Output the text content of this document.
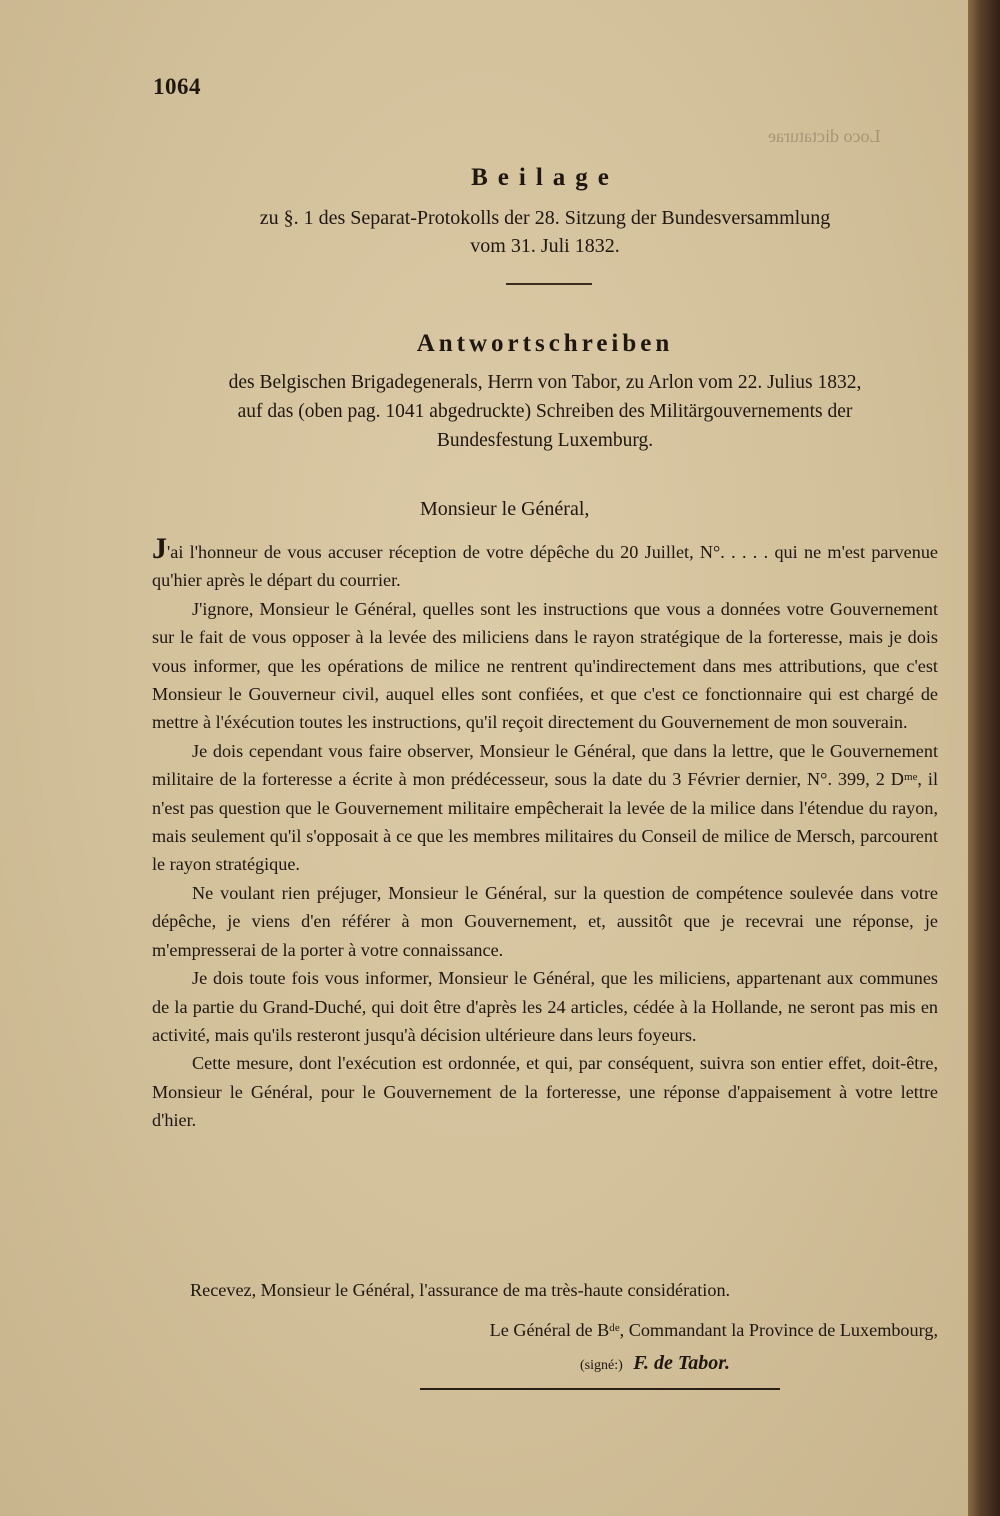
1064
Loco dictaturae
Beilage
zu §. 1 des Separat-Protokolls der 28. Sitzung der Bundesversammlung
vom 31. Juli 1832.
Antwortschreiben
des Belgischen Brigadegenerals, Herrn von Tabor, zu Arlon vom 22. Julius 1832,
auf das (oben pag. 1041 abgedruckte) Schreiben des Militärgouvernements der
Bundesfestung Luxemburg.
Monsieur le Général,

J'ai l'honneur de vous accuser réception de votre dépêche du 20 Juillet, N°. . . . . qui ne m'est parvenue qu'hier après le départ du courrier.

J'ignore, Monsieur le Général, quelles sont les instructions que vous a données votre Gouvernement sur le fait de vous opposer à la levée des miliciens dans le rayon stratégique de la forteresse, mais je dois vous informer, que les opérations de milice ne rentrent qu'indirectement dans mes attributions, que c'est Monsieur le Gouverneur civil, auquel elles sont confiées, et que c'est ce fonctionnaire qui est chargé de mettre à l'éxécution toutes les instructions, qu'il reçoit directement du Gouvernement de mon souverain.

Je dois cependant vous faire observer, Monsieur le Général, que dans la lettre, que le Gouvernement militaire de la forteresse a écrite à mon prédécesseur, sous la date du 3 Février dernier, N°. 399, 2 Dᵐᵉ, il n'est pas question que le Gouvernement militaire empêcherait la levée de la milice dans l'étendue du rayon, mais seulement qu'il s'opposait à ce que les membres militaires du Conseil de milice de Mersch, parcourent le rayon stratégique.

Ne voulant rien préjuger, Monsieur le Général, sur la question de compétence soulevée dans votre dépêche, je viens d'en référer à mon Gouvernement, et, aussitôt que je recevrai une réponse, je m'empresserai de la porter à votre connaissance.

Je dois toute fois vous informer, Monsieur le Général, que les miliciens, appartenant aux communes de la partie du Grand-Duché, qui doit être d'après les 24 articles, cédée à la Hollande, ne seront pas mis en activité, mais qu'ils resteront jusqu'à décision ultérieure dans leurs foyeurs.

Cette mesure, dont l'exécution est ordonnée, et qui, par conséquent, suivra son entier effet, doit-être, Monsieur le Général, pour le Gouvernement de la forteresse, une réponse d'appaisement à votre lettre d'hier.

Recevez, Monsieur le Général, l'assurance de ma très-haute considération.
Le Général de Bᵈᵉ, Commandant la Province de Luxembourg,
(signé:) F. de Tabor.
